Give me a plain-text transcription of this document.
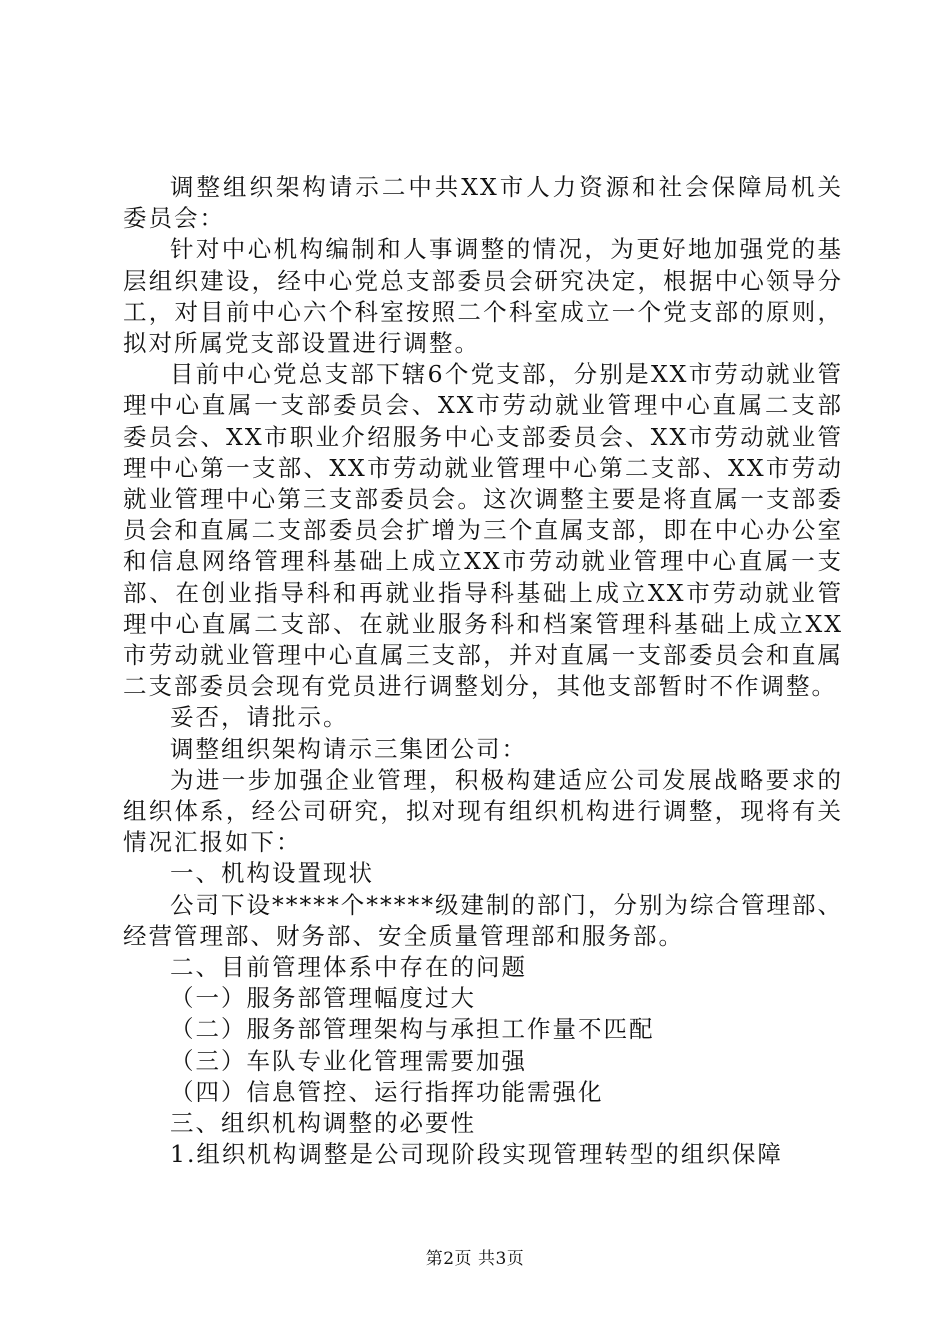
调整组织架构请示二中共XX市人力资源和社会保障局机关委员会：

针对中心机构编制和人事调整的情况，为更好地加强党的基层组织建设，经中心党总支部委员会研究决定，根据中心领导分工，对目前中心六个科室按照二个科室成立一个党支部的原则，拟对所属党支部设置进行调整。

目前中心党总支部下辖6个党支部，分别是XX市劳动就业管理中心直属一支部委员会、XX市劳动就业管理中心直属二支部委员会、XX市职业介绍服务中心支部委员会、XX市劳动就业管理中心第一支部、XX市劳动就业管理中心第二支部、XX市劳动就业管理中心第三支部委员会。这次调整主要是将直属一支部委员会和直属二支部委员会扩增为三个直属支部，即在中心办公室和信息网络管理科基础上成立XX市劳动就业管理中心直属一支部、在创业指导科和再就业指导科基础上成立XX市劳动就业管理中心直属二支部、在就业服务科和档案管理科基础上成立XX市劳动就业管理中心直属三支部，并对直属一支部委员会和直属二支部委员会现有党员进行调整划分，其他支部暂时不作调整。

妥否，请批示。

调整组织架构请示三集团公司：

为进一步加强企业管理，积极构建适应公司发展战略要求的组织体系，经公司研究，拟对现有组织机构进行调整，现将有关情况汇报如下：

一、机构设置现状

公司下设*****个*****级建制的部门，分别为综合管理部、经营管理部、财务部、安全质量管理部和服务部。

二、目前管理体系中存在的问题

（一）服务部管理幅度过大

（二）服务部管理架构与承担工作量不匹配

（三）车队专业化管理需要加强

（四）信息管控、运行指挥功能需强化

三、组织机构调整的必要性

1.组织机构调整是公司现阶段实现管理转型的组织保障

第2页 共3页
